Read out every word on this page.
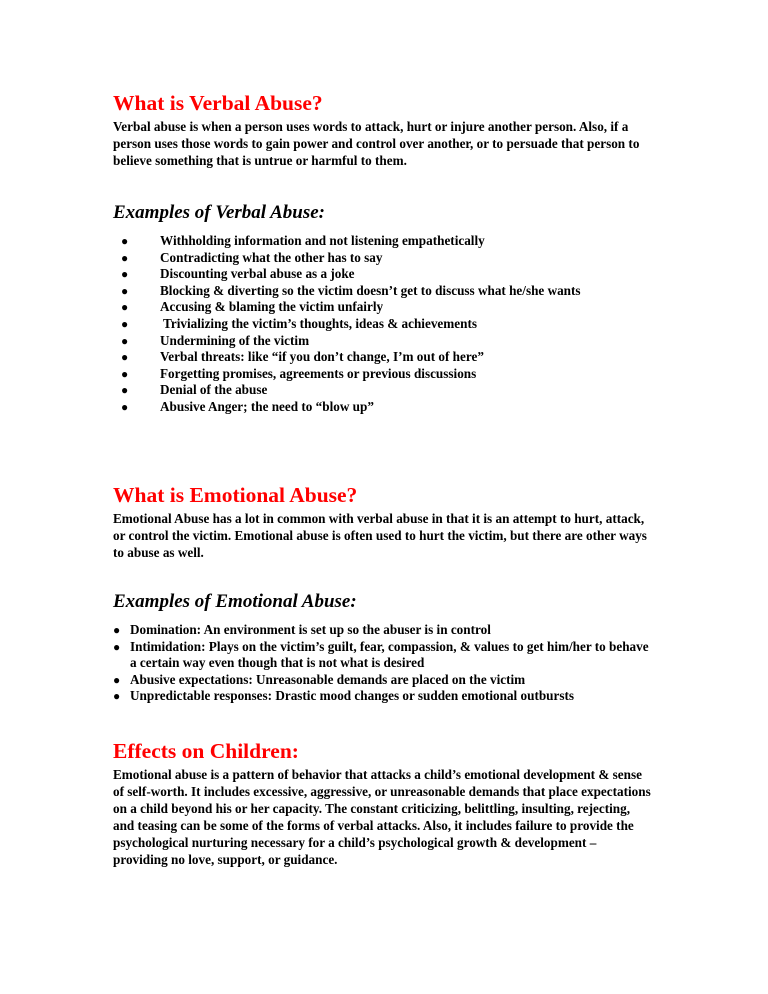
What is Verbal Abuse?

Verbal abuse is when a person uses words to attack, hurt or injure another person. Also, if a person uses those words to gain power and control over another, or to persuade that person to believe something that is untrue or harmful to them.

Examples of Verbal Abuse:
● Withholding information and not listening empathetically
● Contradicting what the other has to say
● Discounting verbal abuse as a joke
● Blocking & diverting so the victim doesn’t get to discuss what he/she wants
● Accusing & blaming the victim unfairly
● Trivializing the victim’s thoughts, ideas & achievements
● Undermining of the victim
● Verbal threats: like “if you don’t change, I’m out of here”
● Forgetting promises, agreements or previous discussions
● Denial of the abuse
● Abusive Anger; the need to “blow up”
What is Emotional Abuse?

Emotional Abuse has a lot in common with verbal abuse in that it is an attempt to hurt, attack, or control the victim. Emotional abuse is often used to hurt the victim, but there are other ways to abuse as well.

Examples of Emotional Abuse:
● Domination: An environment is set up so the abuser is in control
● Intimidation: Plays on the victim’s guilt, fear, compassion, & values to get him/her to behave a certain way even though that is not what is desired
● Abusive expectations: Unreasonable demands are placed on the victim
● Unpredictable responses: Drastic mood changes or sudden emotional outbursts
Effects on Children:

Emotional abuse is a pattern of behavior that attacks a child’s emotional development & sense of self-worth. It includes excessive, aggressive, or unreasonable demands that place expectations on a child beyond his or her capacity. The constant criticizing, belittling, insulting, rejecting, and teasing can be some of the forms of verbal attacks. Also, it includes failure to provide the psychological nurturing necessary for a child’s psychological growth & development – providing no love, support, or guidance.
